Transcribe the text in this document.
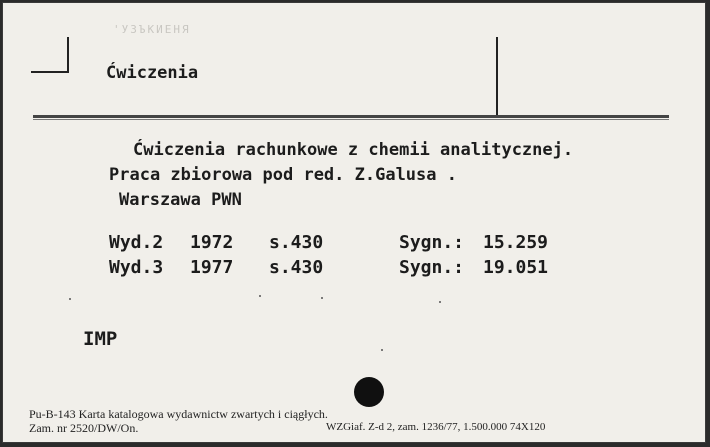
'УЗЪКИЕНЯ
Ćwiczenia
Ćwiczenia rachunkowe z chemii analitycznej.
Praca zbiorowa pod red. Z.Galusa .
Warszawa PWN
Wyd.2 1972 s.430	Sygn.: 15.259
Wyd.3 1977 s.430	Sygn.: 19.051
IMP
Pu-B-143 Karta katalogowa wydawnictw zwartych i ciągłych.
Zam. nr 2520/DW/On.	WZGiaf. Z-d 2, zam. 1236/77, 1.500.000 74X120
